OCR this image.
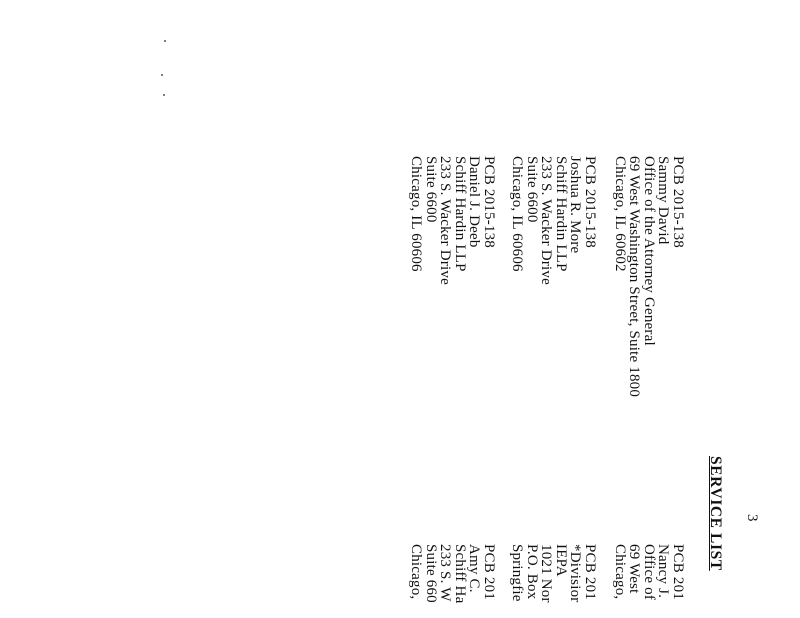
3
SERVICE LIST
PCB 2015-138
Sammy David
Office of the Attorney General
69 West Washington Street, Suite 1800
Chicago, IL 60602
PCB 2015-138
Joshua R. More
Schiff Hardin LLP
233 S. Wacker Drive
Suite 6600
Chicago, IL 60606
PCB 2015-138
Daniel J. Deeb
Schiff Hardin LLP
233 S. Wacker Drive
Suite 6600
Chicago, IL 60606
PCB 201
Nancy J.
Office of
69 West
Chicago,
PCB 201
*Divisior
IEPA
1021 Nor
P.O. Box
Springfie
PCB 201
Amy C.
Schiff Ha
233 S. W
Suite 660
Chicago,
